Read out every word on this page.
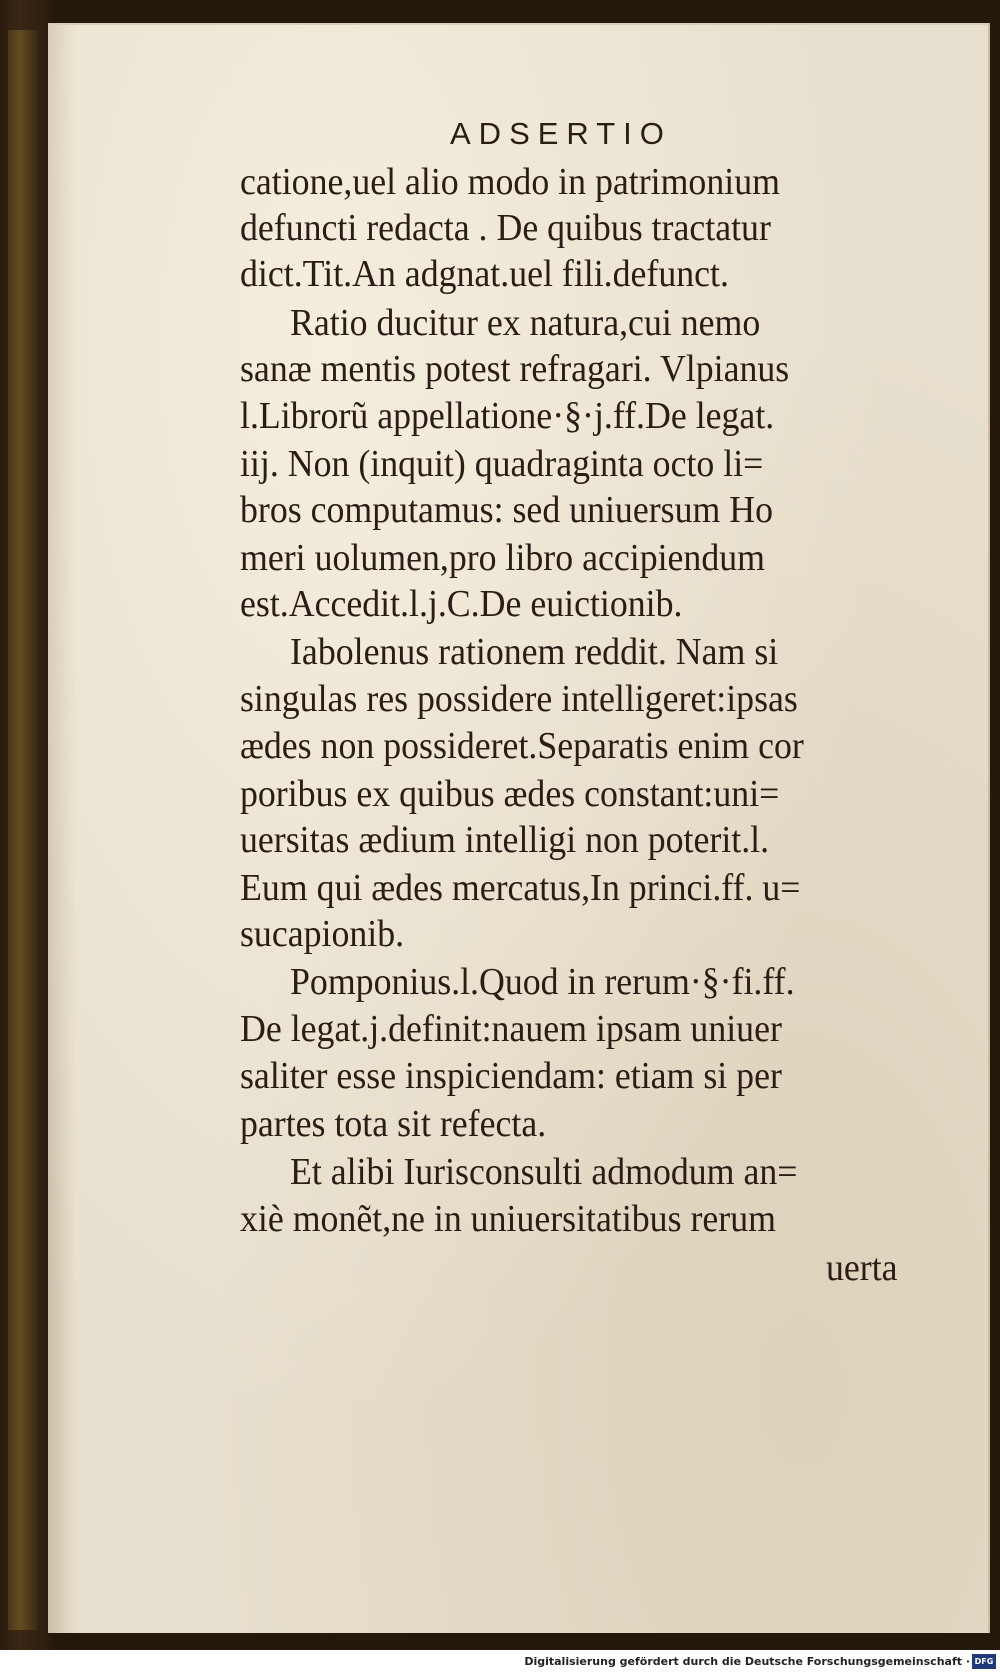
ADSERTIO
catione,uel alio modo in patrimonium
defuncti redacta . De quibus tractatur
dict.Tit.An adgnat.uel fili.defunct.
Ratio ducitur ex natura,cui nemo
sanæ mentis potest refragari. Vlpianus
l.Librorũ appellatione·§·j.ff.De legat.
iij. Non (inquit) quadraginta octo li=
bros computamus: sed uniuersum Ho
meri uolumen,pro libro accipiendum
est.Accedit.l.j.C.De euictionib.
Iabolenus rationem reddit. Nam si
singulas res possidere intelligeret:ipsas
ædes non possideret.Separatis enim cor
poribus ex quibus ædes constant:uni=
uersitas ædium intelligi non poterit.l.
Eum qui ædes mercatus,In princi.ff. u=
sucapionib.
Pomponius.l.Quod in rerum·§·fi.ff.
De legat.j.definit:nauem ipsam uniuer
saliter esse inspiciendam: etiam si per
partes tota sit refecta.
Et alibi Iurisconsulti admodum an=
xiè monẽt,ne in uniuersitatibus rerum
uerta
Digitalisierung gefördert durch die Deutsche Forschungsgemeinschaft · DFG
